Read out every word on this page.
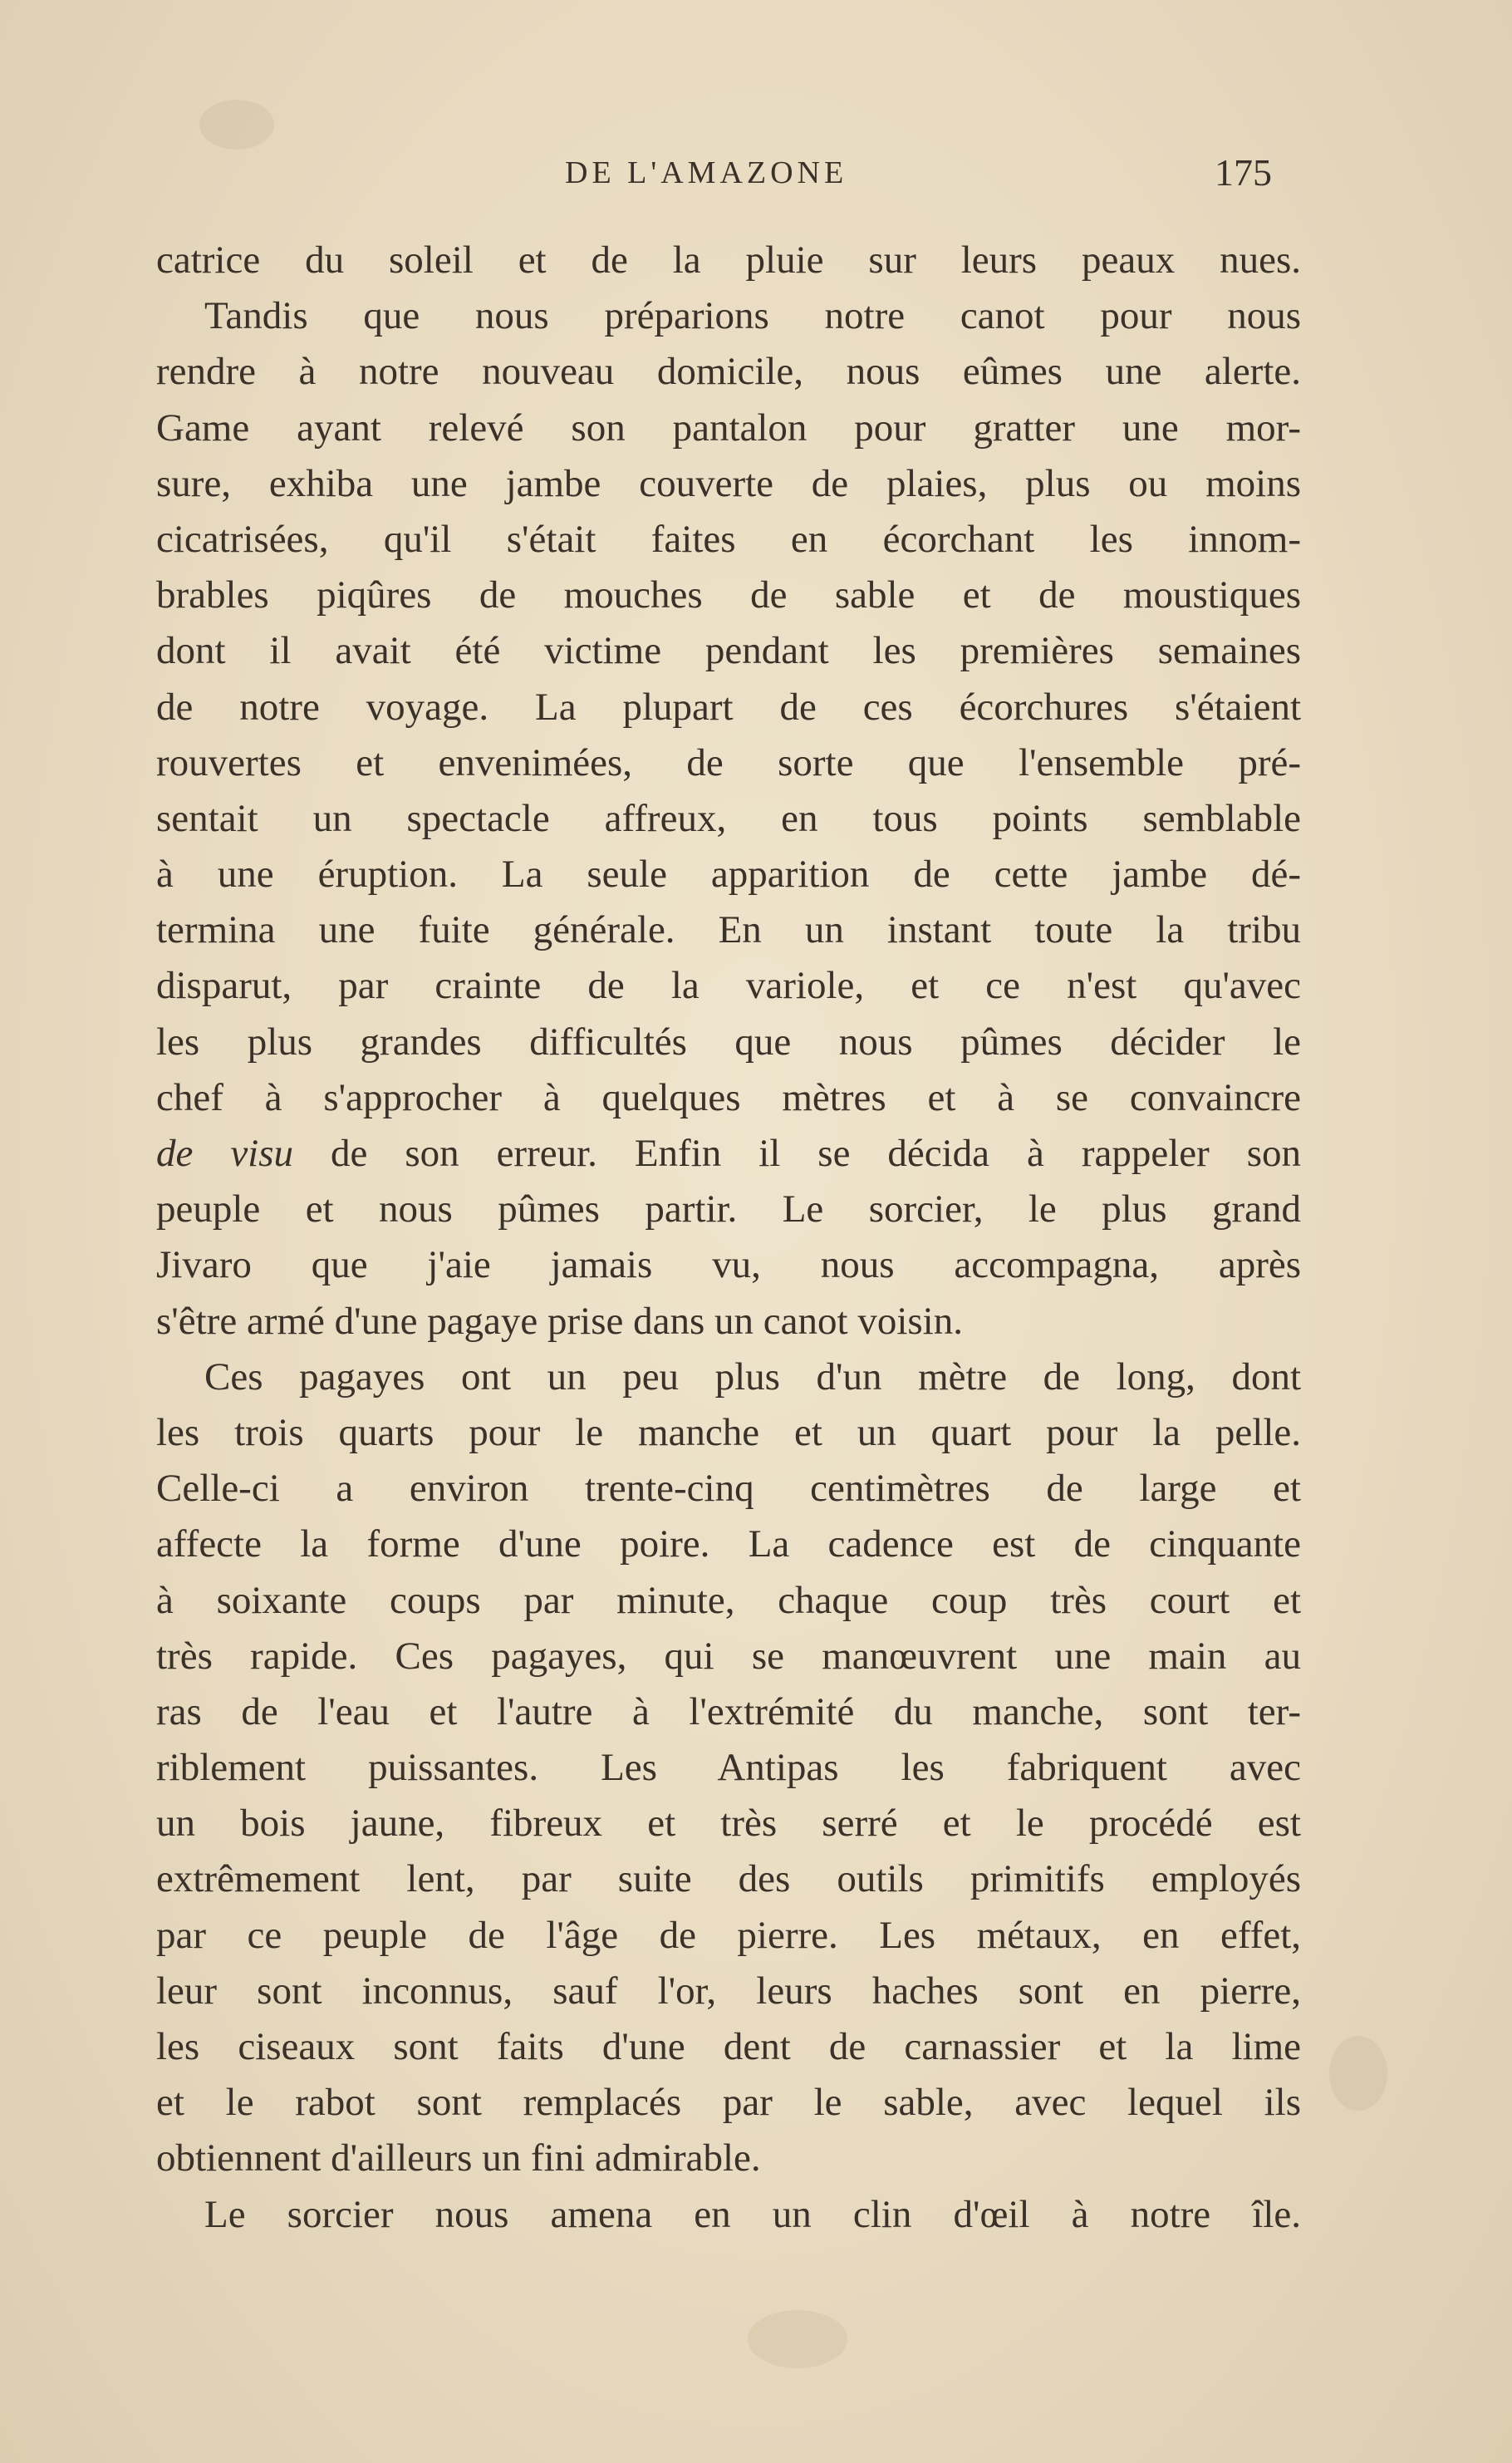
DE L'AMAZONE	175
catrice du soleil et de la pluie sur leurs peaux nues.
Tandis que nous préparions notre canot pour nous
rendre à notre nouveau domicile, nous eûmes une alerte.
Game ayant relevé son pantalon pour gratter une mor-
sure, exhiba une jambe couverte de plaies, plus ou moins
cicatrisées, qu'il s'était faites en écorchant les innom-
brables piqûres de mouches de sable et de moustiques
dont il avait été victime pendant les premières semaines
de notre voyage. La plupart de ces écorchures s'étaient
rouvertes et envenimées, de sorte que l'ensemble pré-
sentait un spectacle affreux, en tous points semblable
à une éruption. La seule apparition de cette jambe dé-
termina une fuite générale. En un instant toute la tribu
disparut, par crainte de la variole, et ce n'est qu'avec
les plus grandes difficultés que nous pûmes décider le
chef à s'approcher à quelques mètres et à se convaincre
de visu de son erreur. Enfin il se décida à rappeler son
peuple et nous pûmes partir. Le sorcier, le plus grand
Jivaro que j'aie jamais vu, nous accompagna, après
s'être armé d'une pagaye prise dans un canot voisin.
Ces pagayes ont un peu plus d'un mètre de long, dont
les trois quarts pour le manche et un quart pour la pelle.
Celle-ci a environ trente-cinq centimètres de large et
affecte la forme d'une poire. La cadence est de cinquante
à soixante coups par minute, chaque coup très court et
très rapide. Ces pagayes, qui se manœuvrent une main au
ras de l'eau et l'autre à l'extrémité du manche, sont ter-
riblement puissantes. Les Antipas les fabriquent avec
un bois jaune, fibreux et très serré et le procédé est
extrêmement lent, par suite des outils primitifs employés
par ce peuple de l'âge de pierre. Les métaux, en effet,
leur sont inconnus, sauf l'or, leurs haches sont en pierre,
les ciseaux sont faits d'une dent de carnassier et la lime
et le rabot sont remplacés par le sable, avec lequel ils
obtiennent d'ailleurs un fini admirable.
Le sorcier nous amena en un clin d'œil à notre île.
